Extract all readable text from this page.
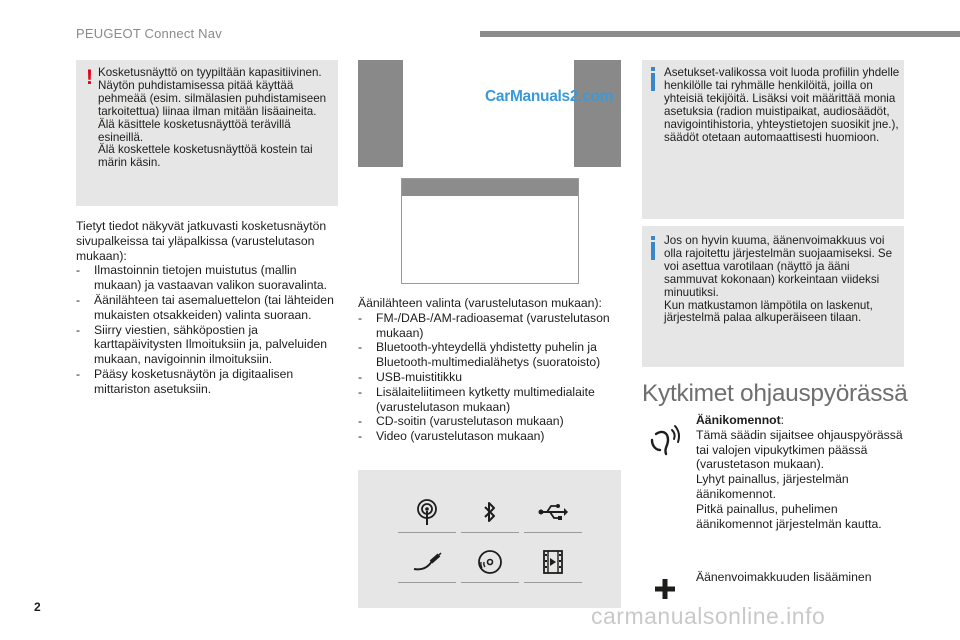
PEUGEOT Connect Nav
! Kosketusnäyttö on tyypiltään kapasitiivinen.

Näytön puhdistamisessa pitää käyttää pehmeää (esim. silmälasien puhdistamiseen tarkoitettua) liinaa ilman mitään lisäaineita.

Älä käsittele kosketusnäyttöä terävillä esineillä.

Älä koskettele kosketusnäyttöä kostein tai märin käsin.

Tietyt tiedot näkyvät jatkuvasti kosketusnäytön sivupalkeissa tai yläpalkissa (varustelutason mukaan):

- Ilmastoinnin tietojen muistutus (mallin mukaan) ja vastaavan valikon suoravalinta.

- Äänilähteen tai asemaluettelon (tai lähteiden mukaisten otsakkeiden) valinta suoraan.

- Siirry viestien, sähköpostien ja karttapäivitysten Ilmoituksiin ja, palveluiden mukaan, navigoinnin ilmoituksiin.

- Pääsy kosketusnäytön ja digitaalisen mittariston asetuksiin.

CarManuals2.com

Äänilähteen valinta (varustelutason mukaan):

- FM-/DAB-/AM-radioasemat (varustelutason mukaan)

- Bluetooth-yhteydellä yhdistetty puhelin ja Bluetooth-multimedialähetys (suoratoisto)

- USB-muistitikku

- Lisälaiteliitimeen kytketty multimedialaite (varustelutason mukaan)

- CD-soitin (varustelutason mukaan)

- Video (varustelutason mukaan)

Asetukset-valikossa voit luoda profiilin yhdelle henkilölle tai ryhmälle henkilöitä, joilla on yhteisiä tekijöitä. Lisäksi voit määrittää monia asetuksia (radion muistipaikat, audiosäädöt, navigointihistoria, yhteystietojen suosikit jne.), säädöt otetaan automaattisesti huomioon.

Jos on hyvin kuuma, äänenvoimakkuus voi olla rajoitettu järjestelmän suojaamiseksi. Se voi asettua varotilaan (näyttö ja ääni sammuvat kokonaan) korkeintaan viideksi minuutiksi.

Kun matkustamon lämpötila on laskenut, järjestelmä palaa alkuperäiseen tilaan.

Kytkimet ohjauspyörässä

Äänikomennot:

Tämä säädin sijaitsee ohjauspyörässä tai valojen vipukytkimen päässä (varustetason mukaan).

Lyhyt painallus, järjestelmän äänikomennot.

Pitkä painallus, puhelimen äänikomennot järjestelmän kautta.

Äänenvoimakkuuden lisääminen
2	carmanualsonline.info
